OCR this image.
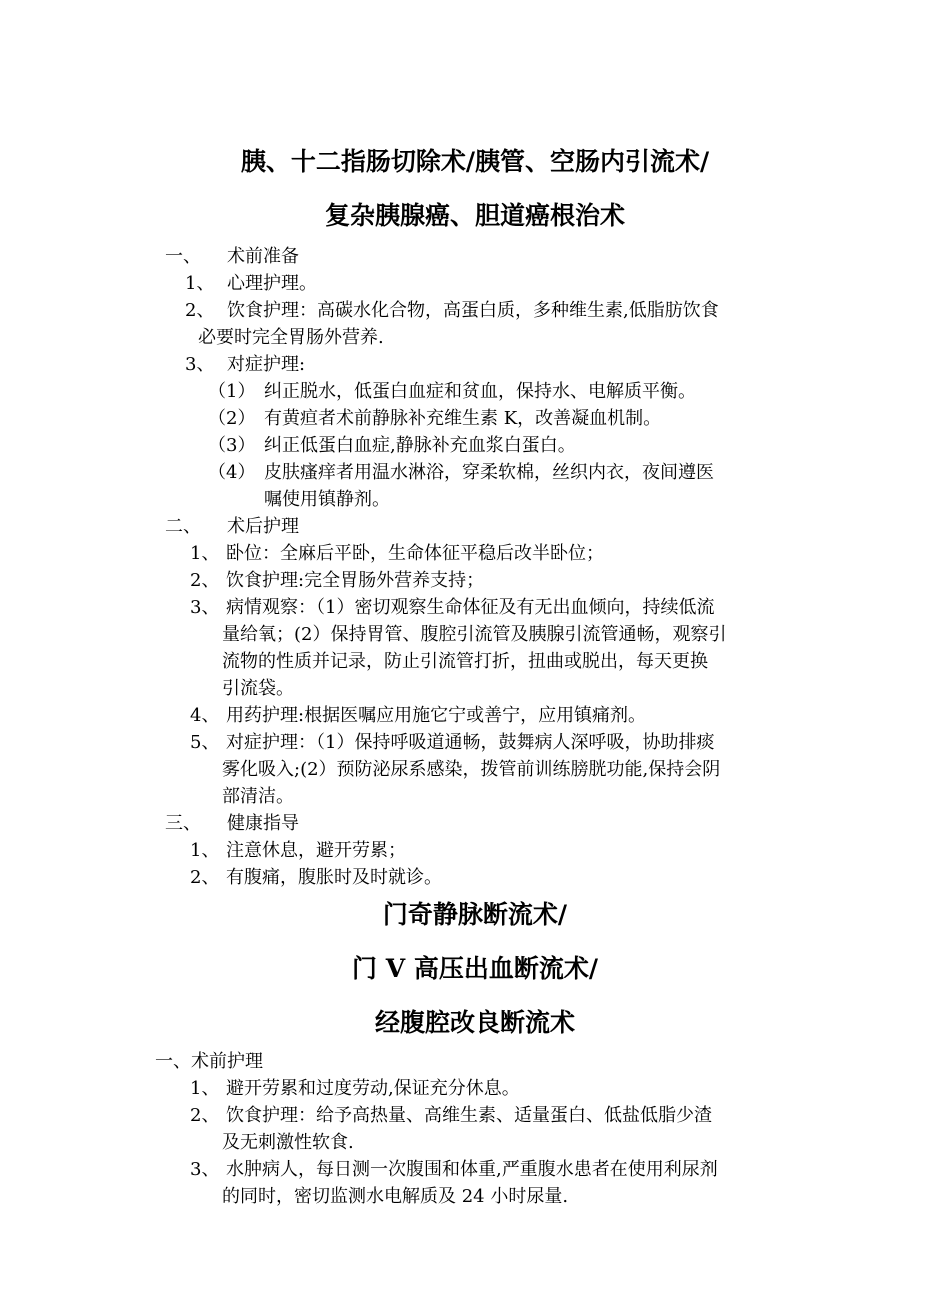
胰、十二指肠切除术/胰管、空肠内引流术/
复杂胰腺癌、胆道癌根治术
一、 术前准备
1、 心理护理。
2、 饮食护理：高碳水化合物，高蛋白质，多种维生素,低脂肪饮食
必要时完全胃肠外营养.
3、 对症护理:
（1） 纠正脱水，低蛋白血症和贫血，保持水、电解质平衡。
（2） 有黄疸者术前静脉补充维生素 K，改善凝血机制。
（3） 纠正低蛋白血症,静脉补充血浆白蛋白。
（4） 皮肤瘙痒者用温水淋浴，穿柔软棉，丝织内衣，夜间遵医
嘱使用镇静剂。
二、 术后护理
1、 卧位：全麻后平卧，生命体征平稳后改半卧位；
2、 饮食护理:完全胃肠外营养支持；
3、 病情观察：（1）密切观察生命体征及有无出血倾向，持续低流
量给氧；(2）保持胃管、腹腔引流管及胰腺引流管通畅，观察引
流物的性质并记录，防止引流管打折，扭曲或脱出，每天更换
引流袋。
4、 用药护理:根据医嘱应用施它宁或善宁，应用镇痛剂。
5、 对症护理：（1）保持呼吸道通畅，鼓舞病人深呼吸，协助排痰
雾化吸入;(2）预防泌尿系感染，拨管前训练膀胱功能,保持会阴
部清洁。
三、 健康指导
1、 注意休息，避开劳累；
2、 有腹痛，腹胀时及时就诊。
门奇静脉断流术/
门 V 高压出血断流术/
经腹腔改良断流术
一、术前护理
1、 避开劳累和过度劳动,保证充分休息。
2、 饮食护理：给予高热量、高维生素、适量蛋白、低盐低脂少渣
及无刺激性软食.
3、 水肿病人，每日测一次腹围和体重,严重腹水患者在使用利尿剂
的同时，密切监测水电解质及 24 小时尿量.
